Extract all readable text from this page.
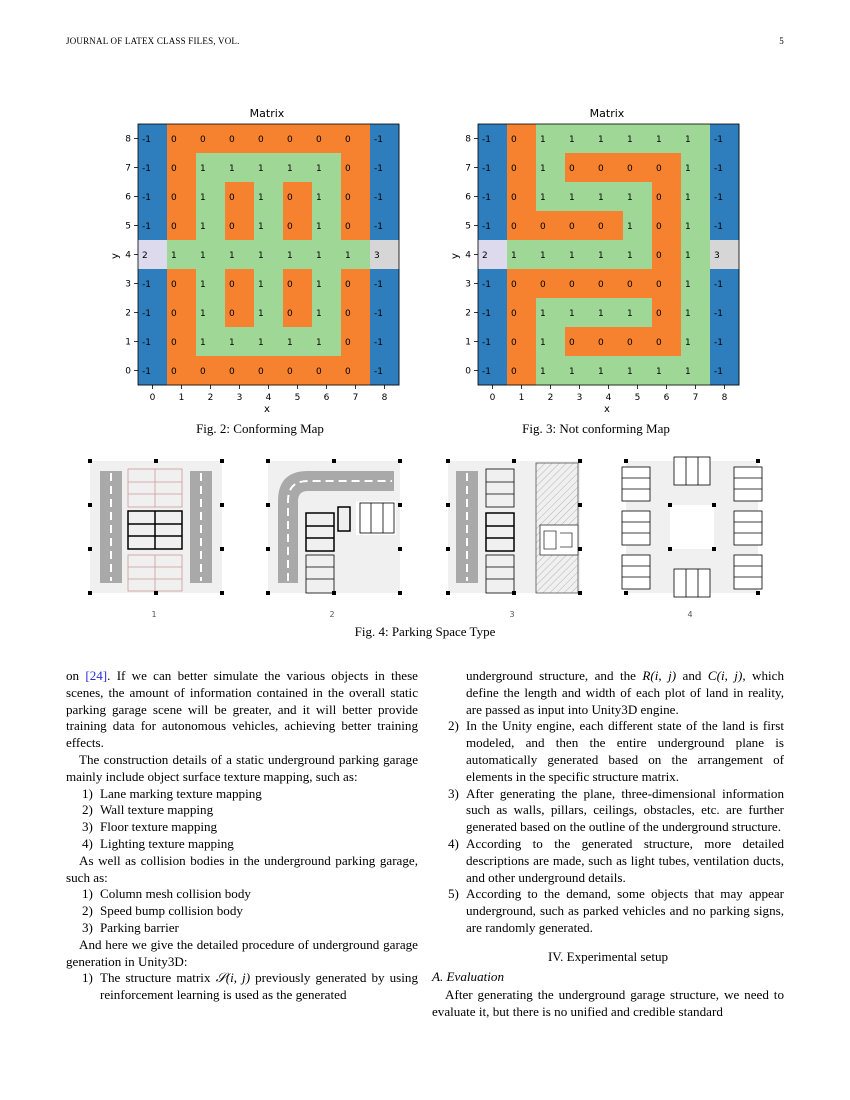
JOURNAL OF LATEX CLASS FILES, VOL.	5
Matrix
-1 0	0	0	0	0	0	0	-1
-1 0	1	1	1	1	1	0	-1
-1 0	1	0	1	0	1	0	-1
-1 0	1	0	1	0	1	0	-1
2	1	1	1	1	1	1	1	3
-1 0	1	0	1	0	1	0	-1
-1 0	1	0	1	0	1	0	-1
-1 0	1	1	1	1	1	0	-1
-1 0	0	0	0	0	0	0	-1
0
0
1
1
2
2
3
3
4
4
5
5
6
6
7
7
8
8
x
y
Matrix
-1 0	1	1	1	1	1	1	-1
-1 0	1	0	0	0	0	1	-1
-1 0	1	1	1	1	0	1	-1
-1 0	0	0	0	1	0	1	-1
2	1	1	1	1	1	0	1	3
-1 0	0	0	0	0	0	1	-1
-1 0	1	1	1	1	0	1	-1
-1 0	1	0	0	0	0	1	-1
-1 0	1	1	1	1	1	1	-1
0
0
1
1
2
2
3
3
4
4
5
5
6
6
7
7
8
8
x
y
Fig. 2: Conforming Map	Fig. 3: Not conforming Map
1	2	3	4
Fig. 4: Parking Space Type

on [24]. If we can better simulate the various objects in these scenes, the amount of information contained in the overall static parking garage scene will be greater, and it will better provide training data for autonomous vehicles, achieving better training effects.

The construction details of a static underground parking garage mainly include object surface texture mapping, such as:

1) Lane marking texture mapping
2) Wall texture mapping
3) Floor texture mapping
4) Lighting texture mapping

As well as collision bodies in the underground parking garage, such as:

1) Column mesh collision body
2) Speed bump collision body
3) Parking barrier

And here we give the detailed procedure of underground garage generation in Unity3D:

1) The structure matrix 𝒮(i, j) previously generated by using reinforcement learning is used as the generated
underground structure, and the R(i, j) and C(i, j), which define the length and width of each plot of land in reality, are passed as input into Unity3D engine.
2) In the Unity engine, each different state of the land is first modeled, and then the entire underground plane is automatically generated based on the arrangement of elements in the specific structure matrix.
3) After generating the plane, three-dimensional information such as walls, pillars, ceilings, obstacles, etc. are further generated based on the outline of the underground structure.
4) According to the generated structure, more detailed descriptions are made, such as light tubes, ventilation ducts, and other underground details.
5) According to the demand, some objects that may appear underground, such as parked vehicles and no parking signs, are randomly generated.
IV. Experimental setup
A. Evaluation

After generating the underground garage structure, we need to evaluate it, but there is no unified and credible standard
